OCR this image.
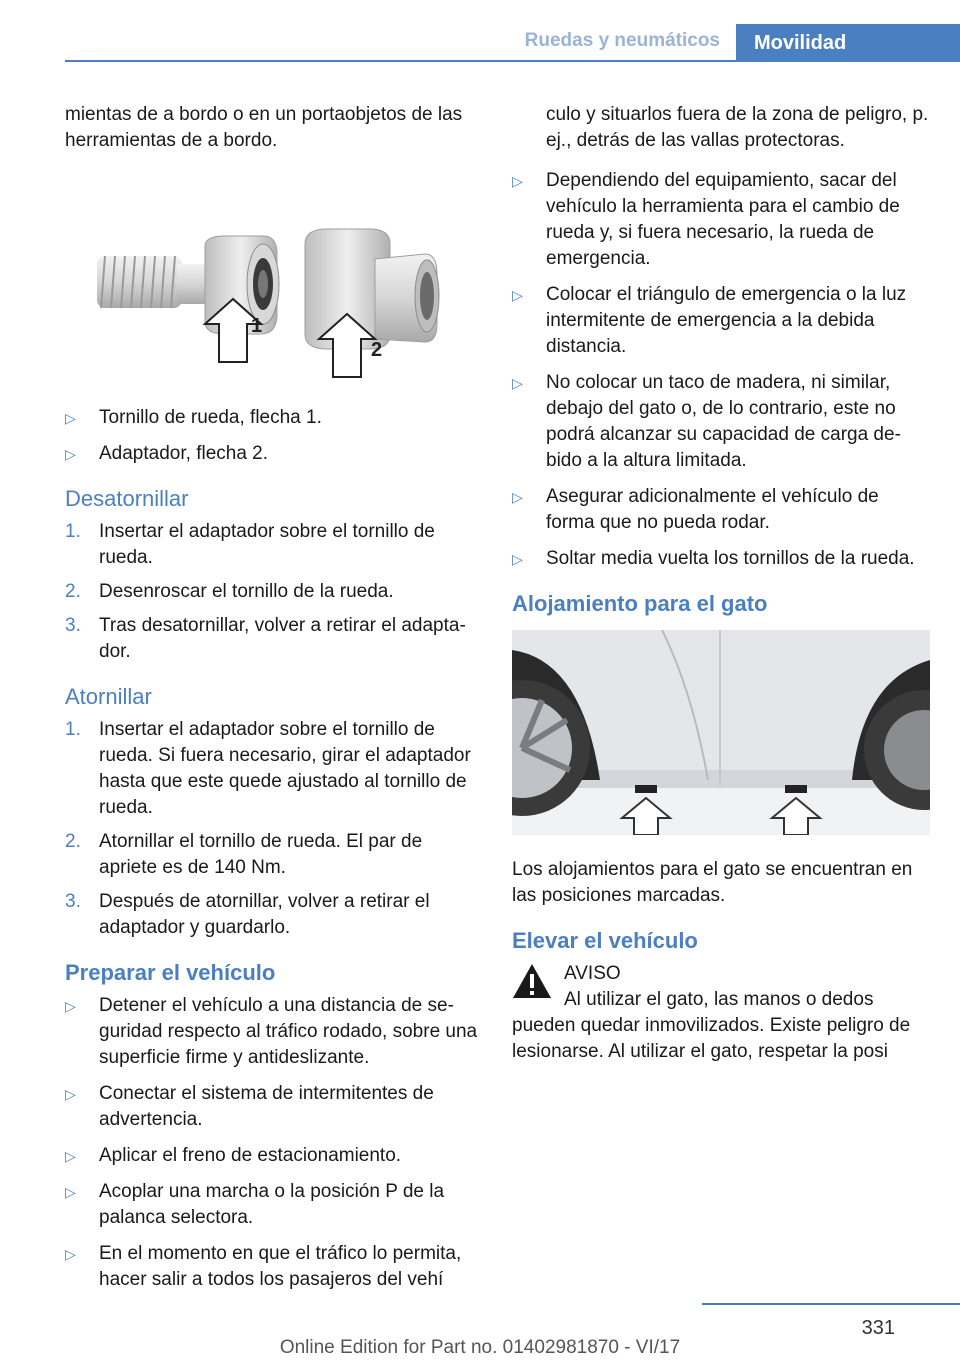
Ruedas y neumáticos	Movilidad

mientas de a bordo o en un portaobjetos de las herramientas de a bordo.

1
2
▷ Tornillo de rueda, flecha 1.
▷ Adaptador, flecha 2.
Desatornillar
1. Insertar el adaptador sobre el tornillo de rueda.
2. Desenroscar el tornillo de la rueda.
3. Tras desatornillar, volver a retirar el adaptador.
Atornillar
1. Insertar el adaptador sobre el tornillo de rueda. Si fuera necesario, girar el adaptador hasta que este quede ajustado al tornillo de rueda.
2. Atornillar el tornillo de rueda. El par de apriete es de 140 Nm.
3. Después de atornillar, volver a retirar el adaptador y guardarlo.
Preparar el vehículo
▷ Detener el vehículo a una distancia de seguridad respecto al tráfico rodado, sobre una superficie firme y antideslizante.
▷ Conectar el sistema de intermitentes de advertencia.
▷ Aplicar el freno de estacionamiento.
▷ Acoplar una marcha o la posición P de la palanca selectora.
▷ En el momento en que el tráfico lo permita, hacer salir a todos los pasajeros del vehí

culo y situarlos fuera de la zona de peligro, p. ej., detrás de las vallas protectoras.

▷ Dependiendo del equipamiento, sacar del vehículo la herramienta para el cambio de rueda y, si fuera necesario, la rueda de emergencia.
▷ Colocar el triángulo de emergencia o la luz intermitente de emergencia a la debida distancia.
▷ No colocar un taco de madera, ni similar, debajo del gato o, de lo contrario, este no podrá alcanzar su capacidad de carga debido a la altura limitada.
▷ Asegurar adicionalmente el vehículo de forma que no pueda rodar.
▷ Soltar media vuelta los tornillos de la rueda.
Alojamiento para el gato

Los alojamientos para el gato se encuentran en las posiciones marcadas.

Elevar el vehículo
AVISO
Al utilizar el gato, las manos o dedos
pueden quedar inmovilizados. Existe peligro de lesionarse. Al utilizar el gato, respetar la posi
331
Online Edition for Part no. 01402981870 - VI/17
